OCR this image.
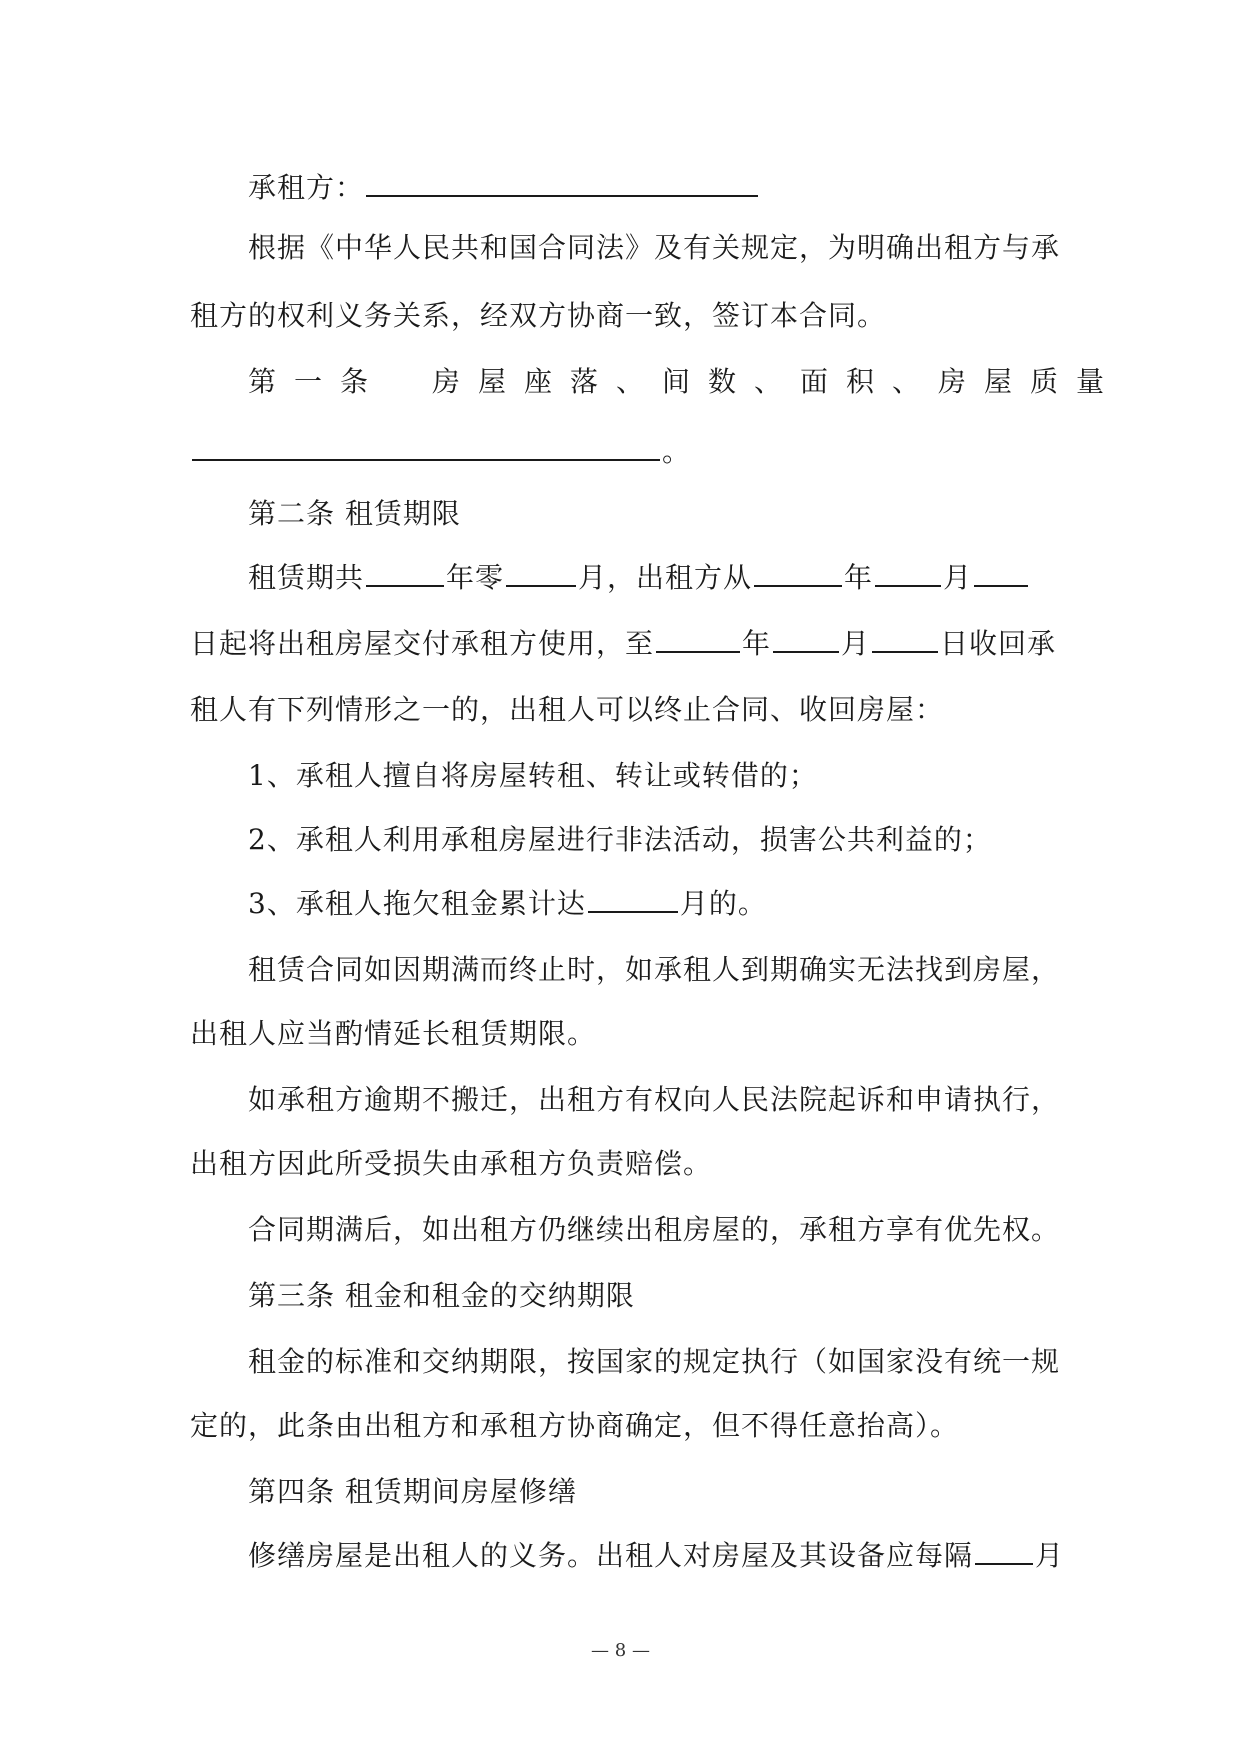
承租方：
根据《中华人民共和国合同法》及有关规定，为明确出租方与承
租方的权利义务关系，经双方协商一致，签订本合同。
第一条　房屋座落、间数、面积、房屋质量
。
第二条 租赁期限
租赁期共	年零	月，出租方从	年	月
日起将出租房屋交付承租方使用，至	年	月	日收回承
租人有下列情形之一的，出租人可以终止合同、收回房屋：
1、承租人擅自将房屋转租、转让或转借的；
2、承租人利用承租房屋进行非法活动，损害公共利益的；
3、承租人拖欠租金累计达	月的。
租赁合同如因期满而终止时，如承租人到期确实无法找到房屋，
出租人应当酌情延长租赁期限。
如承租方逾期不搬迁，出租方有权向人民法院起诉和申请执行，
出租方因此所受损失由承租方负责赔偿。
合同期满后，如出租方仍继续出租房屋的，承租方享有优先权。
第三条 租金和租金的交纳期限
租金的标准和交纳期限，按国家的规定执行（如国家没有统一规
定的，此条由出租方和承租方协商确定，但不得任意抬高）。
第四条 租赁期间房屋修缮
修缮房屋是出租人的义务。出租人对房屋及其设备应每隔 月
— 8 —
